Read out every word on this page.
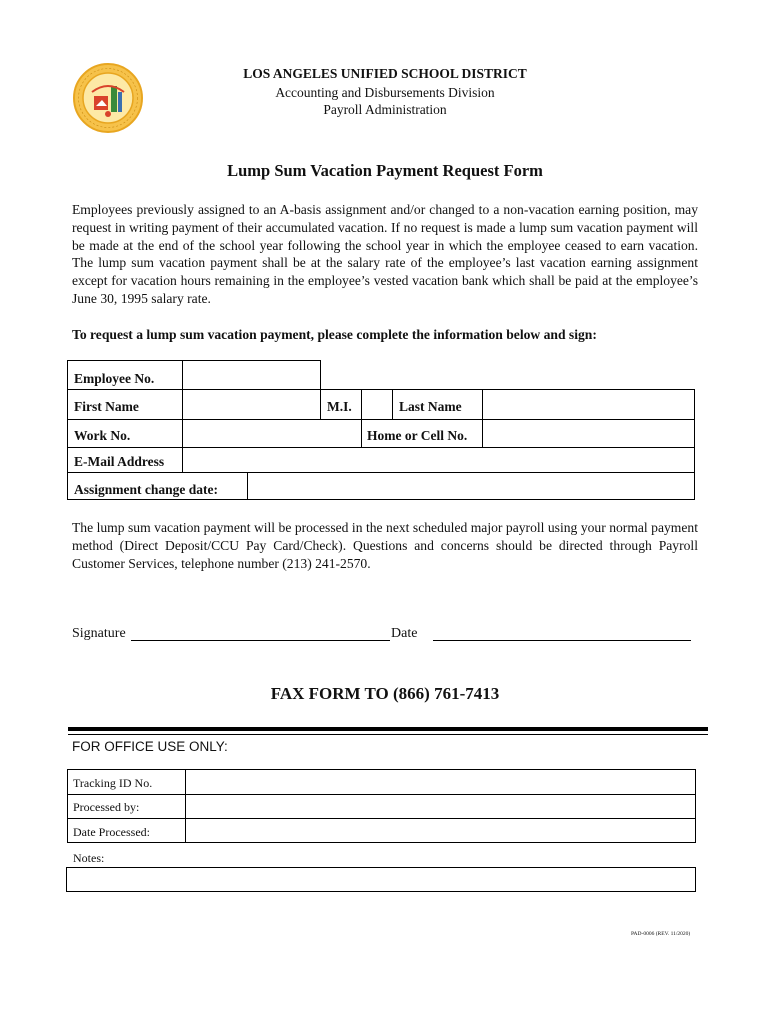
LOS ANGELES UNIFIED SCHOOL DISTRICT
Accounting and Disbursements Division
Payroll Administration
Lump Sum Vacation Payment Request Form
Employees previously assigned to an A-basis assignment and/or changed to a non-vacation earning position, may request in writing payment of their accumulated vacation. If no request is made a lump sum vacation payment will be made at the end of the school year following the school year in which the employee ceased to earn vacation. The lump sum vacation payment shall be at the salary rate of the employee’s last vacation earning assignment except for vacation hours remaining in the employee’s vested vacation bank which shall be paid at the employee’s June 30, 1995 salary rate.
To request a lump sum vacation payment, please complete the information below and sign:
Employee No.
First Name	M.I.	Last Name
Work No.	Home or Cell No.
E-Mail Address
Assignment change date:
The lump sum vacation payment will be processed in the next scheduled major payroll using your normal payment method (Direct Deposit/CCU Pay Card/Check). Questions and concerns should be directed through Payroll Customer Services, telephone number (213) 241-2570.
Signature	Date
FAX FORM TO (866) 761-7413
FOR OFFICE USE ONLY:
Tracking ID No.
Processed by:
Date Processed:
Notes:
PAD-0006 (REV. 11/2020)
